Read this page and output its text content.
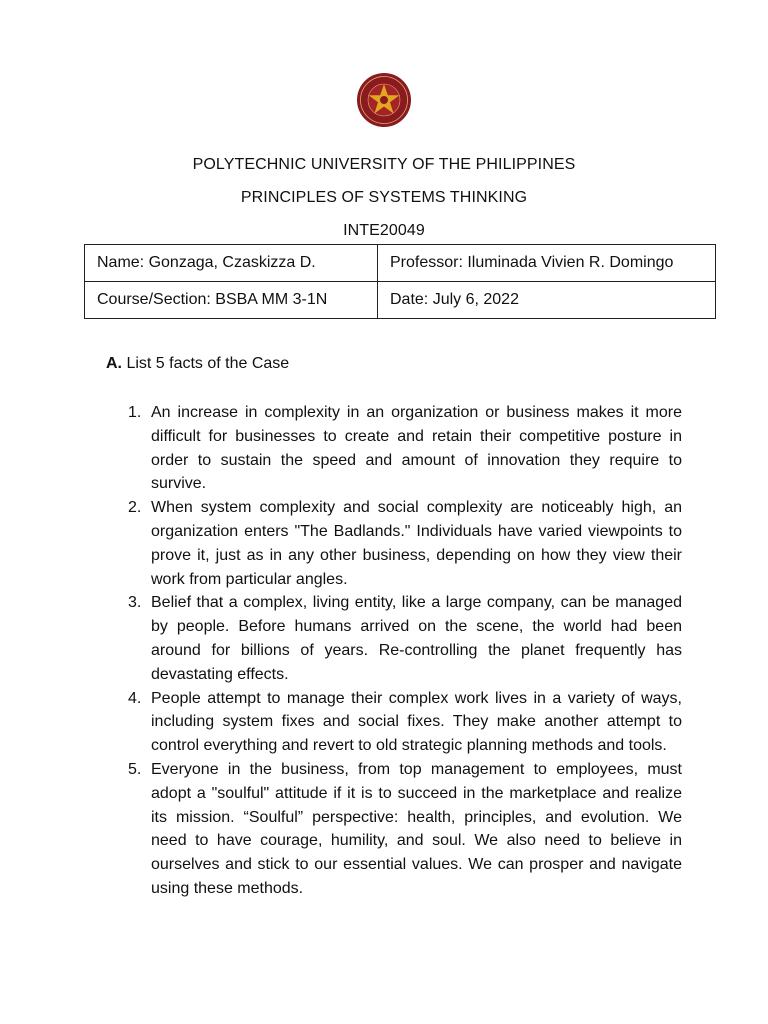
POLYTECHNIC UNIVERSITY OF THE PHILIPPINES
PRINCIPLES OF SYSTEMS THINKING
INTE20049
Name: Gonzaga, Czaskizza D.	Professor: Iluminada Vivien R. Domingo
Course/Section: BSBA MM 3-1N	Date: July 6, 2022
A. List 5 facts of the Case
1. An increase in complexity in an organization or business makes it more difficult for businesses to create and retain their competitive posture in order to sustain the speed and amount of innovation they require to survive.
2. When system complexity and social complexity are noticeably high, an organization enters "The Badlands." Individuals have varied viewpoints to prove it, just as in any other business, depending on how they view their work from particular angles.
3. Belief that a complex, living entity, like a large company, can be managed by people. Before humans arrived on the scene, the world had been around for billions of years. Re-controlling the planet frequently has devastating effects.
4. People attempt to manage their complex work lives in a variety of ways, including system fixes and social fixes. They make another attempt to control everything and revert to old strategic planning methods and tools.
5. Everyone in the business, from top management to employees, must adopt a "soulful" attitude if it is to succeed in the marketplace and realize its mission. “Soulful” perspective: health, principles, and evolution. We need to have courage, humility, and soul. We also need to believe in ourselves and stick to our essential values. We can prosper and navigate using these methods.
